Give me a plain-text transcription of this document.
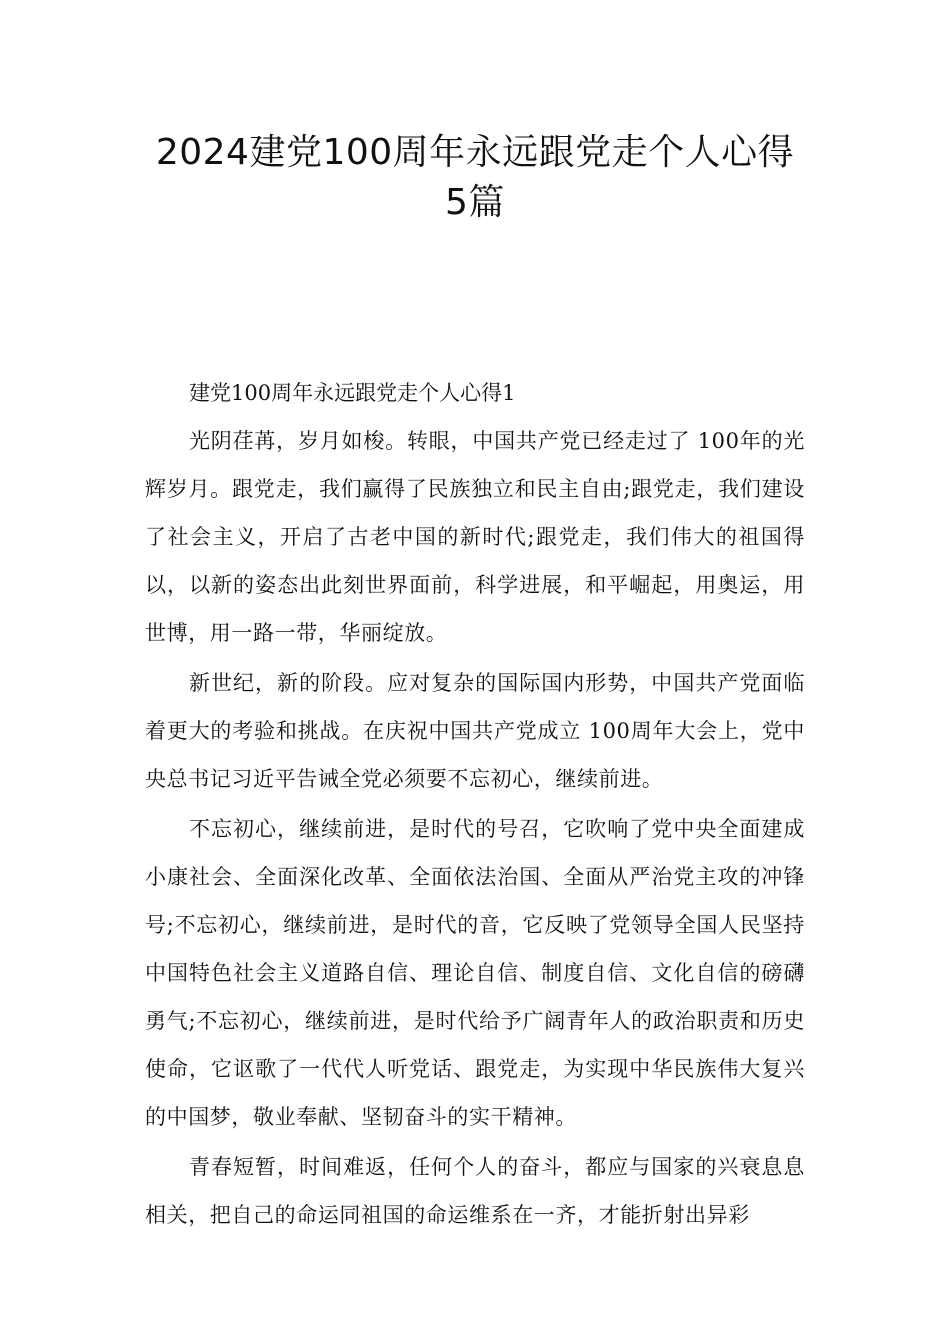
2024建党100周年永远跟党走个人心得
5篇

建党100周年永远跟党走个人心得1

光阴荏苒，岁月如梭。转眼，中国共产党已经走过了 100年的光辉岁月。跟党走，我们赢得了民族独立和民主自由;跟党走，我们建设了社会主义，开启了古老中国的新时代;跟党走，我们伟大的祖国得以，以新的姿态出此刻世界面前，科学进展，和平崛起，用奥运，用世博，用一路一带，华丽绽放。

新世纪，新的阶段。应对复杂的国际国内形势，中国共产党面临着更大的考验和挑战。在庆祝中国共产党成立 100周年大会上，党中央总书记习近平告诫全党必须要不忘初心，继续前进。

不忘初心，继续前进，是时代的号召，它吹响了党中央全面建成小康社会、全面深化改革、全面依法治国、全面从严治党主攻的冲锋号;不忘初心，继续前进，是时代的音，它反映了党领导全国人民坚持中国特色社会主义道路自信、理论自信、制度自信、文化自信的磅礴勇气;不忘初心，继续前进，是时代给予广阔青年人的政治职责和历史使命，它讴歌了一代代人听党话、跟党走，为实现中华民族伟大复兴的中国梦，敬业奉献、坚韧奋斗的实干精神。

青春短暂，时间难返，任何个人的奋斗，都应与国家的兴衰息息相关，把自己的命运同祖国的命运维系在一齐，才能折射出异彩
